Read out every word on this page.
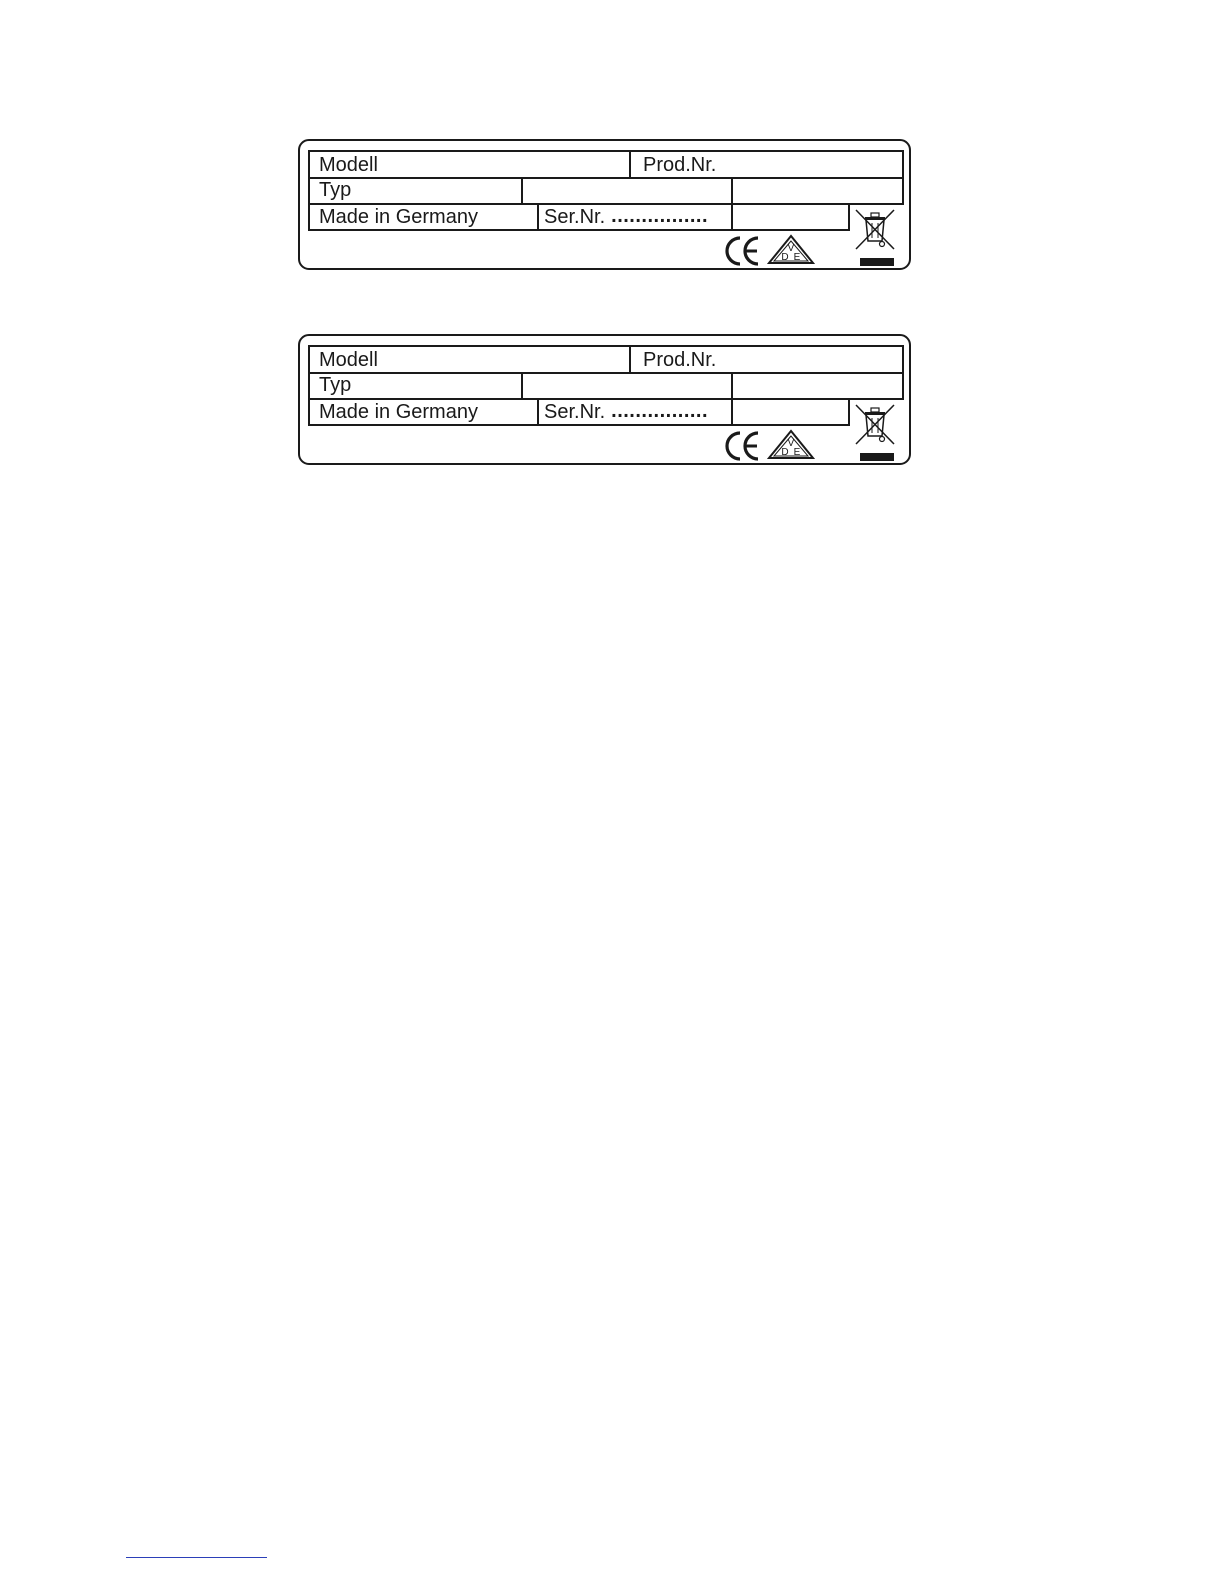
Modell	Prod.Nr.
Typ
Made in Germany	Ser.Nr. ................
V
D E
Modell	Prod.Nr.
Typ
Made in Germany	Ser.Nr. ................
V
D E
